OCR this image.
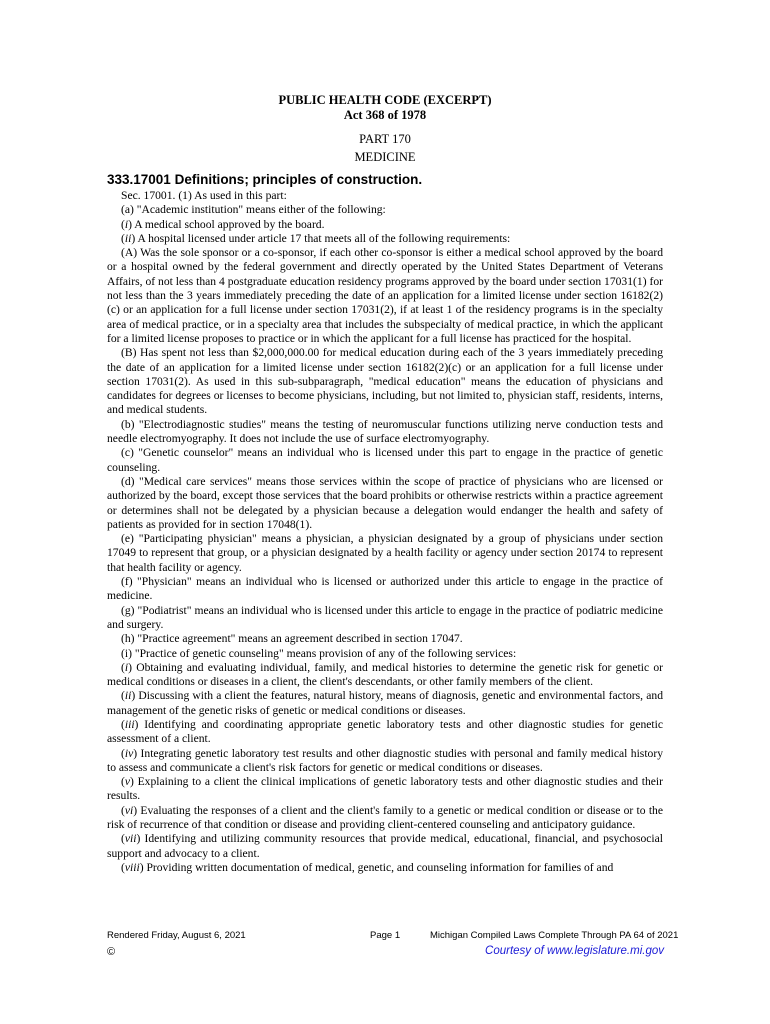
PUBLIC HEALTH CODE (EXCERPT)
Act 368 of 1978
PART 170
MEDICINE
333.17001 Definitions; principles of construction.

Sec. 17001. (1) As used in this part:

(a) "Academic institution" means either of the following:

(i) A medical school approved by the board.

(ii) A hospital licensed under article 17 that meets all of the following requirements:

(A) Was the sole sponsor or a co-sponsor, if each other co-sponsor is either a medical school approved by the board or a hospital owned by the federal government and directly operated by the United States Department of Veterans Affairs, of not less than 4 postgraduate education residency programs approved by the board under section 17031(1) for not less than the 3 years immediately preceding the date of an application for a limited license under section 16182(2)(c) or an application for a full license under section 17031(2), if at least 1 of the residency programs is in the specialty area of medical practice, or in a specialty area that includes the subspecialty of medical practice, in which the applicant for a limited license proposes to practice or in which the applicant for a full license has practiced for the hospital.

(B) Has spent not less than $2,000,000.00 for medical education during each of the 3 years immediately preceding the date of an application for a limited license under section 16182(2)(c) or an application for a full license under section 17031(2). As used in this sub-subparagraph, "medical education" means the education of physicians and candidates for degrees or licenses to become physicians, including, but not limited to, physician staff, residents, interns, and medical students.

(b) "Electrodiagnostic studies" means the testing of neuromuscular functions utilizing nerve conduction tests and needle electromyography. It does not include the use of surface electromyography.

(c) "Genetic counselor" means an individual who is licensed under this part to engage in the practice of genetic counseling.

(d) "Medical care services" means those services within the scope of practice of physicians who are licensed or authorized by the board, except those services that the board prohibits or otherwise restricts within a practice agreement or determines shall not be delegated by a physician because a delegation would endanger the health and safety of patients as provided for in section 17048(1).

(e) "Participating physician" means a physician, a physician designated by a group of physicians under section 17049 to represent that group, or a physician designated by a health facility or agency under section 20174 to represent that health facility or agency.

(f) "Physician" means an individual who is licensed or authorized under this article to engage in the practice of medicine.

(g) "Podiatrist" means an individual who is licensed under this article to engage in the practice of podiatric medicine and surgery.

(h) "Practice agreement" means an agreement described in section 17047.

(i) "Practice of genetic counseling" means provision of any of the following services:

(i) Obtaining and evaluating individual, family, and medical histories to determine the genetic risk for genetic or medical conditions or diseases in a client, the client's descendants, or other family members of the client.

(ii) Discussing with a client the features, natural history, means of diagnosis, genetic and environmental factors, and management of the genetic risks of genetic or medical conditions or diseases.

(iii) Identifying and coordinating appropriate genetic laboratory tests and other diagnostic studies for genetic assessment of a client.

(iv) Integrating genetic laboratory test results and other diagnostic studies with personal and family medical history to assess and communicate a client's risk factors for genetic or medical conditions or diseases.

(v) Explaining to a client the clinical implications of genetic laboratory tests and other diagnostic studies and their results.

(vi) Evaluating the responses of a client and the client's family to a genetic or medical condition or disease or to the risk of recurrence of that condition or disease and providing client-centered counseling and anticipatory guidance.

(vii) Identifying and utilizing community resources that provide medical, educational, financial, and psychosocial support and advocacy to a client.

(viii) Providing written documentation of medical, genetic, and counseling information for families of and

Rendered Friday, August 6, 2021	Page 1	Michigan Compiled Laws Complete Through PA 64 of 2021
©	Courtesy of www.legislature.mi.gov
